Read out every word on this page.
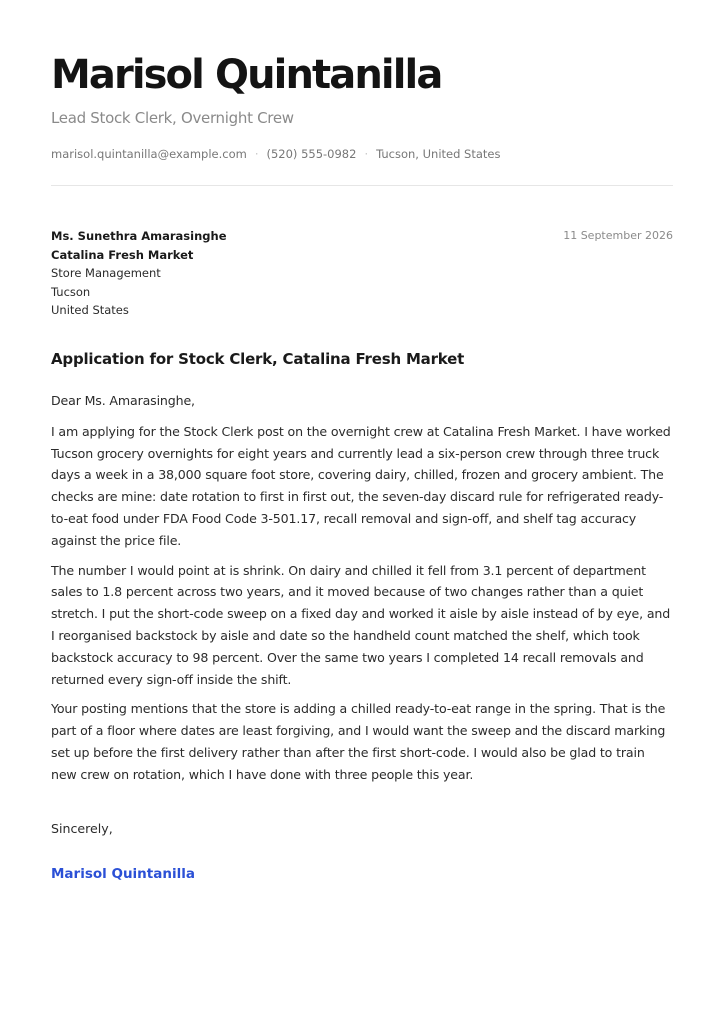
Marisol Quintanilla
Lead Stock Clerk, Overnight Crew
marisol.quintanilla@example.com · (520) 555-0982 · Tucson, United States
Ms. Sunethra Amarasinghe
Catalina Fresh Market
Store Management
Tucson
United States
11 September 2026
Application for Stock Clerk, Catalina Fresh Market

Dear Ms. Amarasinghe,

I am applying for the Stock Clerk post on the overnight crew at Catalina Fresh Market. I have worked Tucson grocery overnights for eight years and currently lead a six-person crew through three truck days a week in a 38,000 square foot store, covering dairy, chilled, frozen and grocery ambient. The checks are mine: date rotation to first in first out, the seven-day discard rule for refrigerated ready-to-eat food under FDA Food Code 3-501.17, recall removal and sign-off, and shelf tag accuracy against the price file.

The number I would point at is shrink. On dairy and chilled it fell from 3.1 percent of department sales to 1.8 percent across two years, and it moved because of two changes rather than a quiet stretch. I put the short-code sweep on a fixed day and worked it aisle by aisle instead of by eye, and I reorganised backstock by aisle and date so the handheld count matched the shelf, which took backstock accuracy to 98 percent. Over the same two years I completed 14 recall removals and returned every sign-off inside the shift.

Your posting mentions that the store is adding a chilled ready-to-eat range in the spring. That is the part of a floor where dates are least forgiving, and I would want the sweep and the discard marking set up before the first delivery rather than after the first short-code. I would also be glad to train new crew on rotation, which I have done with three people this year.

Sincerely,
Marisol Quintanilla
